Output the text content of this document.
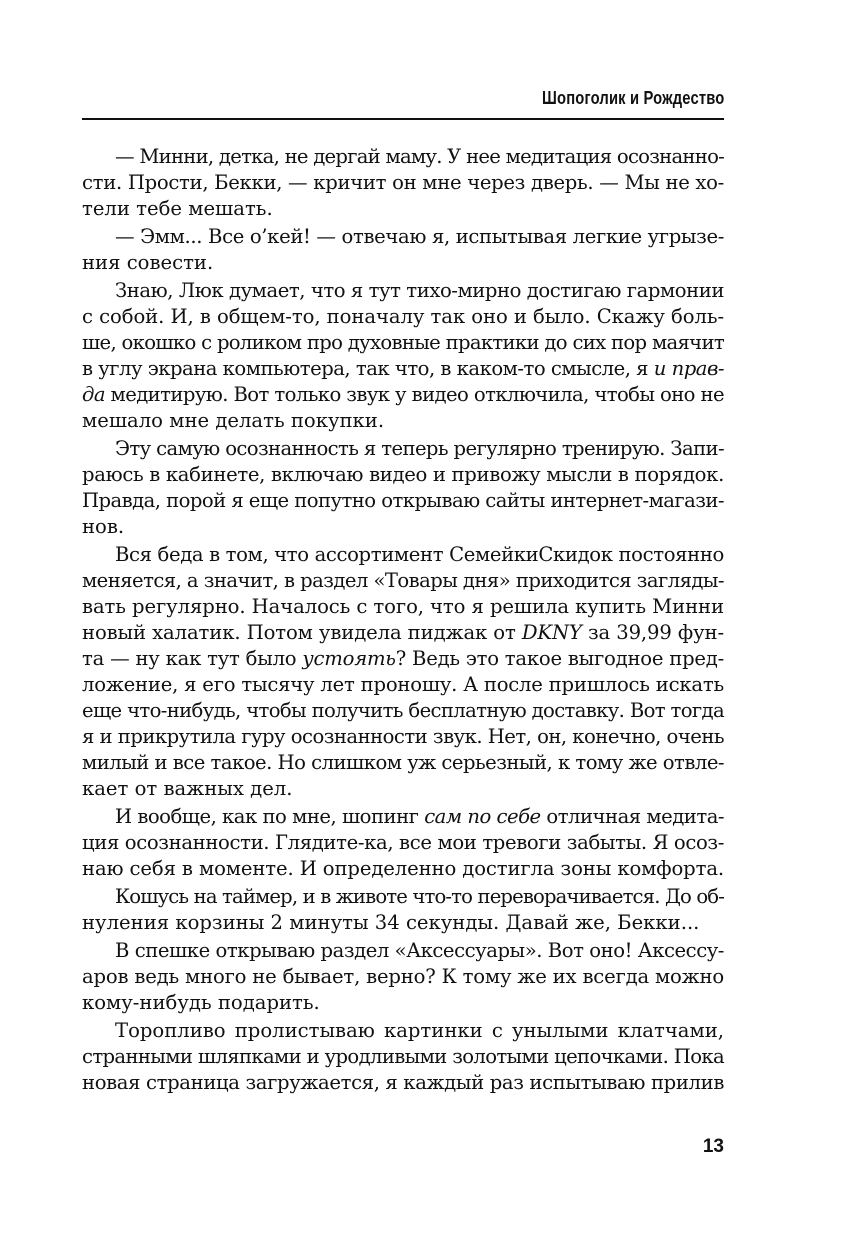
Шопоголик и Рождество
— Минни, детка, не дергай маму. У нее медитация осознанно-
сти. Прости, Бекки, — кричит он мне через дверь. — Мы не хо-
тели тебе мешать.
— Эмм... Все о’кей! — отвечаю я, испытывая легкие угрызе-
ния совести.
Знаю, Люк думает, что я тут тихо-мирно достигаю гармонии
с собой. И, в общем-то, поначалу так оно и было. Скажу боль-
ше, окошко с роликом про духовные практики до сих пор маячит
в углу экрана компьютера, так что, в каком-то смысле, я и прав-
да медитирую. Вот только звук у видео отключила, чтобы оно не
мешало мне делать покупки.
Эту самую осознанность я теперь регулярно тренирую. Запи-
раюсь в кабинете, включаю видео и привожу мысли в порядок.
Правда, порой я еще попутно открываю сайты интернет-магази-
нов.
Вся беда в том, что ассортимент СемейкиСкидок постоянно
меняется, а значит, в раздел «Товары дня» приходится загляды-
вать регулярно. Началось с того, что я решила купить Минни
новый халатик. Потом увидела пиджак от DKNY за 39,99 фун-
та — ну как тут было устоять? Ведь это такое выгодное пред-
ложение, я его тысячу лет проношу. А после пришлось искать
еще что-нибудь, чтобы получить бесплатную доставку. Вот тогда
я и прикрутила гуру осознанности звук. Нет, он, конечно, очень
милый и все такое. Но слишком уж серьезный, к тому же отвле-
кает от важных дел.
И вообще, как по мне, шопинг сам по себе отличная медита-
ция осознанности. Глядите-ка, все мои тревоги забыты. Я осоз-
наю себя в моменте. И определенно достигла зоны комфорта.
Кошусь на таймер, и в животе что-то переворачивается. До об-
нуления корзины 2 минуты 34 секунды. Давай же, Бекки...
В спешке открываю раздел «Аксессуары». Вот оно! Аксессу-
аров ведь много не бывает, верно? К тому же их всегда можно
кому-нибудь подарить.
Торопливо пролистываю картинки с унылыми клатчами,
странными шляпками и уродливыми золотыми цепочками. Пока
новая страница загружается, я каждый раз испытываю прилив
13
